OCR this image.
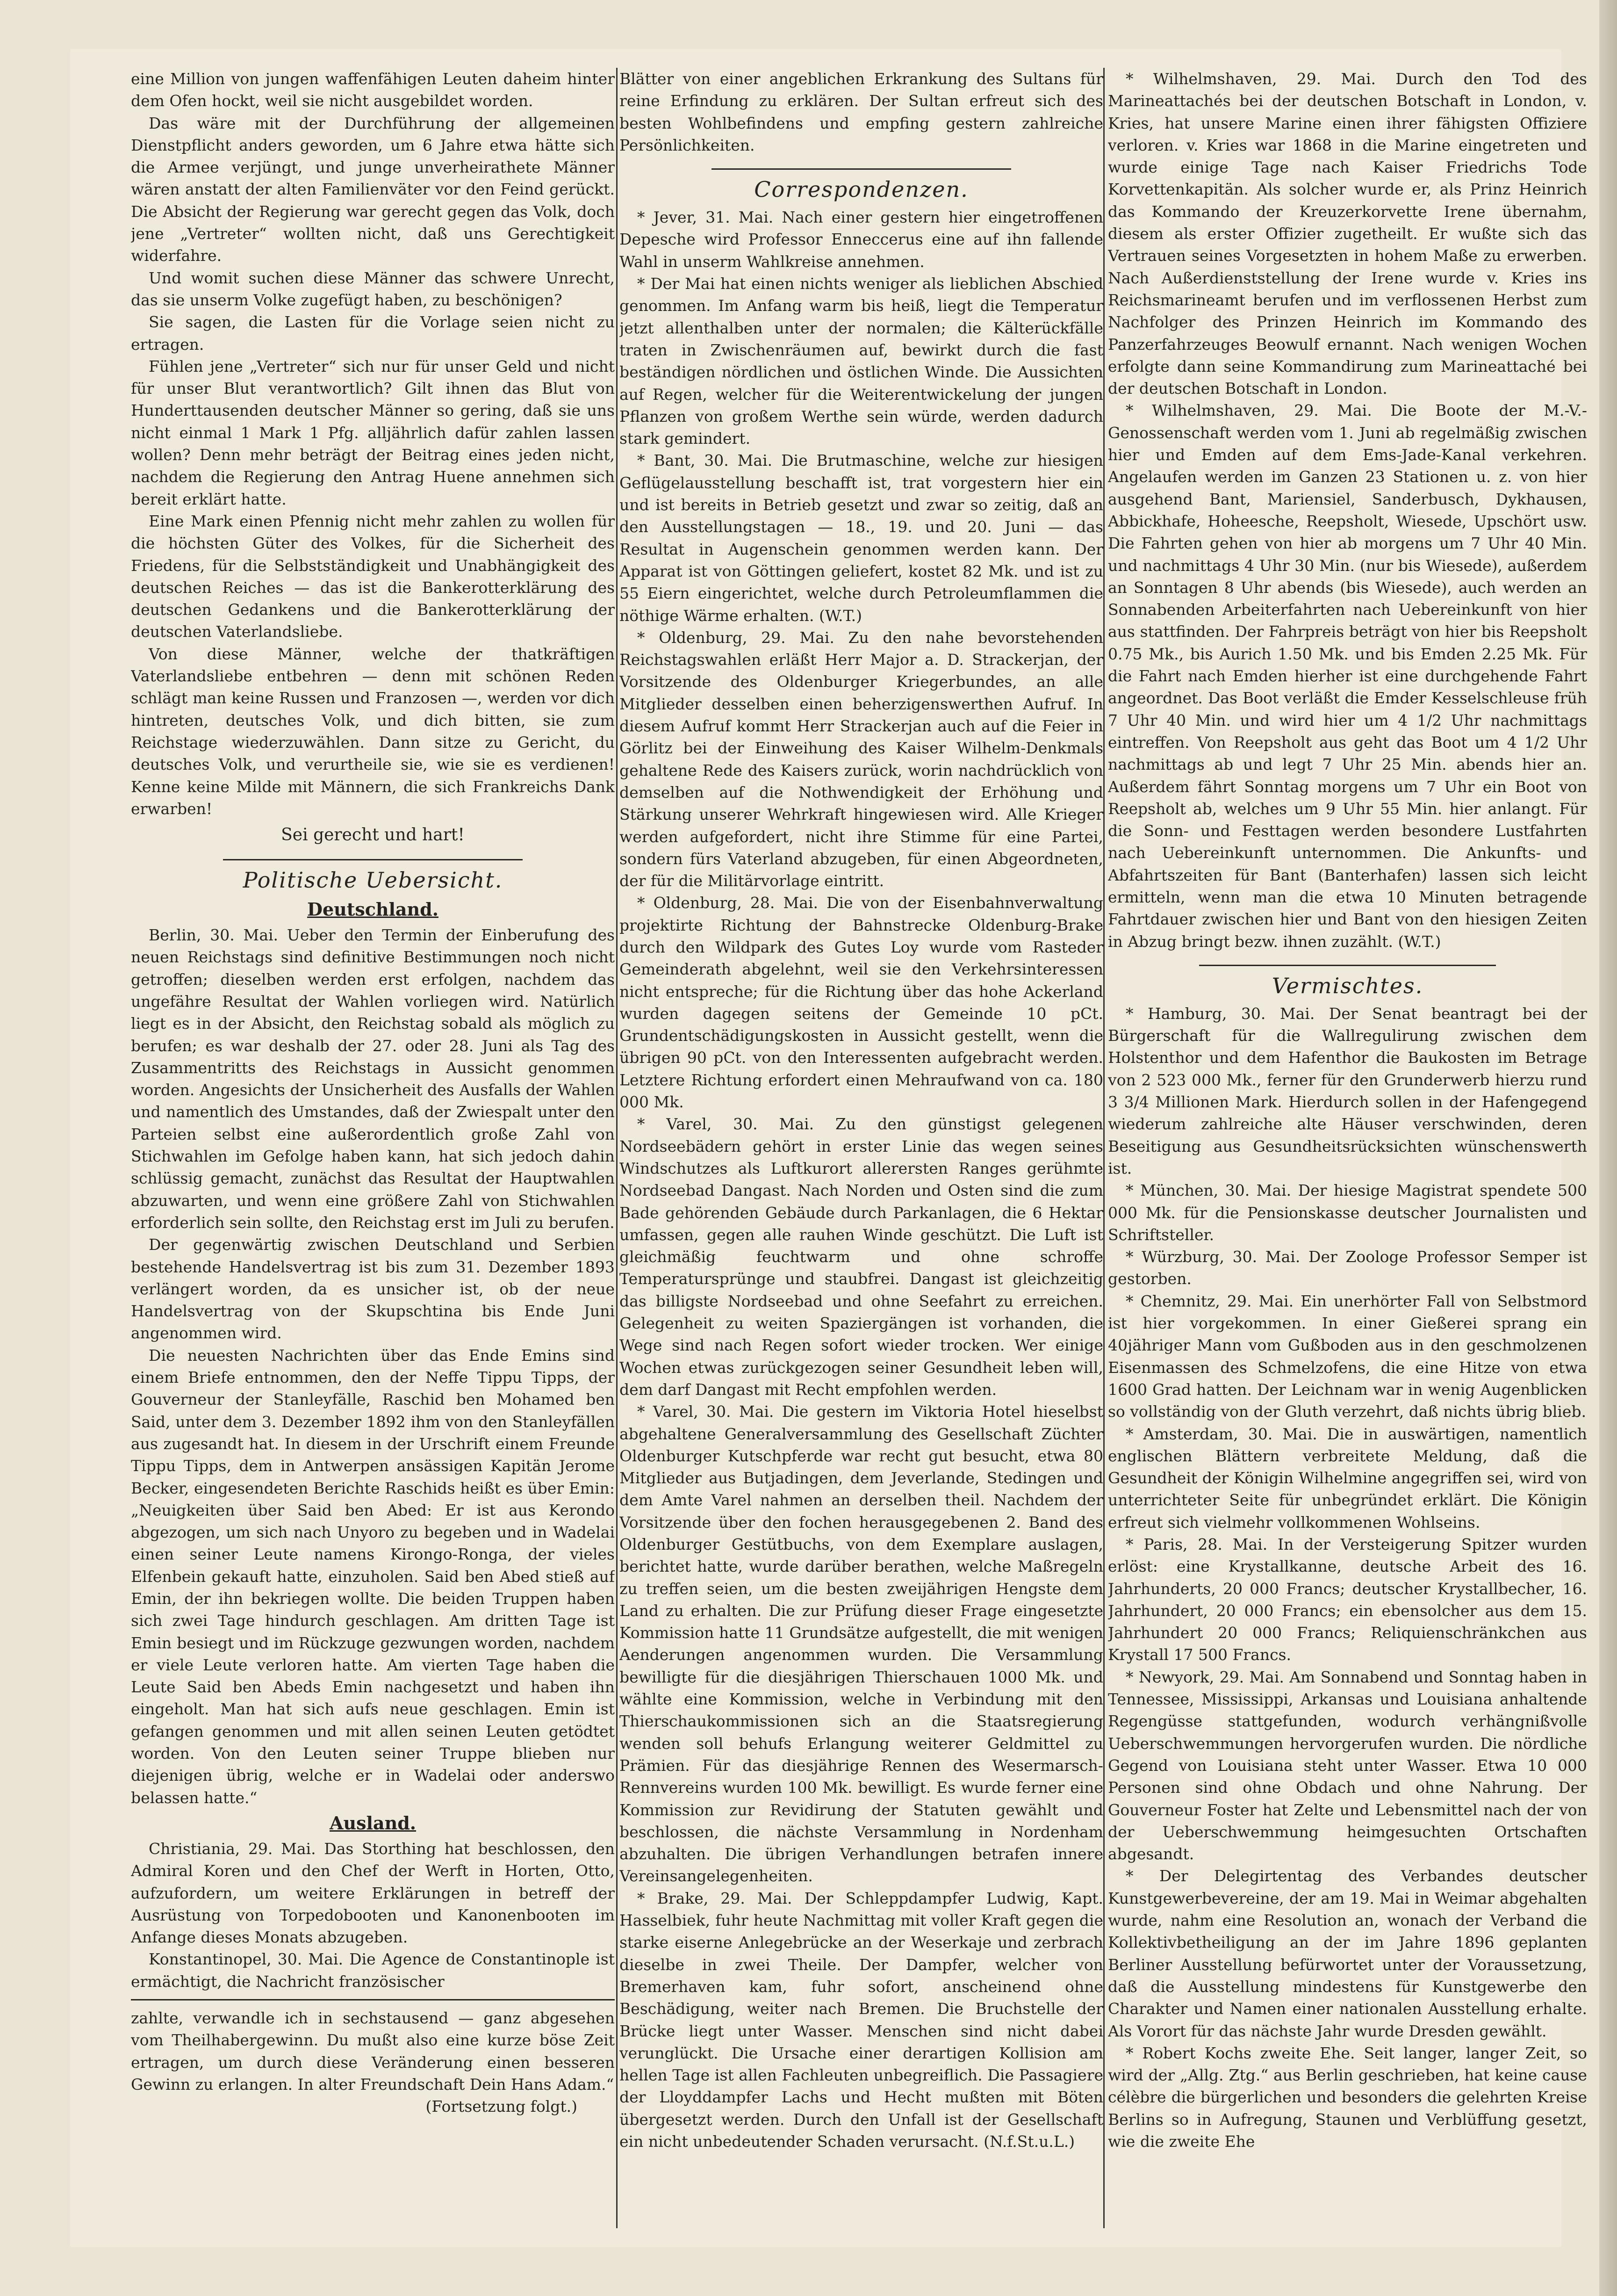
eine Million von jungen waffenfähigen Leuten daheim hinter dem Ofen hockt, weil sie nicht ausgebildet worden.

Das wäre mit der Durchführung der allgemeinen Dienstpflicht anders geworden, um 6 Jahre etwa hätte sich die Armee verjüngt, und junge unverheirathete Männer wären anstatt der alten Familienväter vor den Feind gerückt. Die Absicht der Regierung war gerecht gegen das Volk, doch jene „Vertreter“ wollten nicht, daß uns Gerechtigkeit widerfahre.

Und womit suchen diese Männer das schwere Unrecht, das sie unserm Volke zugefügt haben, zu beschönigen?

Sie sagen, die Lasten für die Vorlage seien nicht zu ertragen.

Fühlen jene „Vertreter“ sich nur für unser Geld und nicht für unser Blut verantwortlich? Gilt ihnen das Blut von Hunderttausenden deutscher Männer so gering, daß sie uns nicht einmal 1 Mark 1 Pfg. alljährlich dafür zahlen lassen wollen? Denn mehr beträgt der Beitrag eines jeden nicht, nachdem die Regierung den Antrag Huene annehmen sich bereit erklärt hatte.

Eine Mark einen Pfennig nicht mehr zahlen zu wollen für die höchsten Güter des Volkes, für die Sicherheit des Friedens, für die Selbstständigkeit und Unabhängigkeit des deutschen Reiches — das ist die Bankerotterklärung des deutschen Gedankens und die Bankerotterklärung der deutschen Vaterlandsliebe.

Von diese Männer, welche der thatkräftigen Vaterlandsliebe entbehren — denn mit schönen Reden schlägt man keine Russen und Franzosen —, werden vor dich hintreten, deutsches Volk, und dich bitten, sie zum Reichstage wiederzuwählen. Dann sitze zu Gericht, du deutsches Volk, und verurtheile sie, wie sie es verdienen! Kenne keine Milde mit Männern, die sich Frankreichs Dank erwarben!

Sei gerecht und hart!

Politische Uebersicht.
Deutschland.

Berlin, 30. Mai. Ueber den Termin der Einberufung des neuen Reichstags sind definitive Bestimmungen noch nicht getroffen; dieselben werden erst erfolgen, nachdem das ungefähre Resultat der Wahlen vorliegen wird. Natürlich liegt es in der Absicht, den Reichstag sobald als möglich zu berufen; es war deshalb der 27. oder 28. Juni als Tag des Zusammentritts des Reichstags in Aussicht genommen worden. Angesichts der Unsicherheit des Ausfalls der Wahlen und namentlich des Umstandes, daß der Zwiespalt unter den Parteien selbst eine außerordentlich große Zahl von Stichwahlen im Gefolge haben kann, hat sich jedoch dahin schlüssig gemacht, zunächst das Resultat der Hauptwahlen abzuwarten, und wenn eine größere Zahl von Stichwahlen erforderlich sein sollte, den Reichstag erst im Juli zu berufen.

Der gegenwärtig zwischen Deutschland und Serbien bestehende Handelsvertrag ist bis zum 31. Dezember 1893 verlängert worden, da es unsicher ist, ob der neue Handelsvertrag von der Skupschtina bis Ende Juni angenommen wird.

Die neuesten Nachrichten über das Ende Emins sind einem Briefe entnommen, den der Neffe Tippu Tipps, der Gouverneur der Stanleyfälle, Raschid ben Mohamed ben Said, unter dem 3. Dezember 1892 ihm von den Stanleyfällen aus zugesandt hat. In diesem in der Urschrift einem Freunde Tippu Tipps, dem in Antwerpen ansässigen Kapitän Jerome Becker, eingesendeten Berichte Raschids heißt es über Emin: „Neuigkeiten über Said ben Abed: Er ist aus Kerondo abgezogen, um sich nach Unyoro zu begeben und in Wadelai einen seiner Leute namens Kirongo-Ronga, der vieles Elfenbein gekauft hatte, einzuholen. Said ben Abed stieß auf Emin, der ihn bekriegen wollte. Die beiden Truppen haben sich zwei Tage hindurch geschlagen. Am dritten Tage ist Emin besiegt und im Rückzuge gezwungen worden, nachdem er viele Leute verloren hatte. Am vierten Tage haben die Leute Said ben Abeds Emin nachgesetzt und haben ihn eingeholt. Man hat sich aufs neue geschlagen. Emin ist gefangen genommen und mit allen seinen Leuten getödtet worden. Von den Leuten seiner Truppe blieben nur diejenigen übrig, welche er in Wadelai oder anderswo belassen hatte.“

Ausland.

Christiania, 29. Mai. Das Storthing hat beschlossen, den Admiral Koren und den Chef der Werft in Horten, Otto, aufzufordern, um weitere Erklärungen in betreff der Ausrüstung von Torpedobooten und Kanonenbooten im Anfange dieses Monats abzugeben.

Konstantinopel, 30. Mai. Die Agence de Constantinople ist ermächtigt, die Nachricht französischer

zahlte, verwandle ich in sechstausend — ganz abgesehen vom Theilhabergewinn. Du mußt also eine kurze böse Zeit ertragen, um durch diese Veränderung einen besseren Gewinn zu erlangen. In alter Freundschaft Dein Hans Adam.“

(Fortsetzung folgt.)

Blätter von einer angeblichen Erkrankung des Sultans für reine Erfindung zu erklären. Der Sultan erfreut sich des besten Wohlbefindens und empfing gestern zahlreiche Persönlichkeiten.

Correspondenzen.

* Jever, 31. Mai. Nach einer gestern hier eingetroffenen Depesche wird Professor Enneccerus eine auf ihn fallende Wahl in unserm Wahlkreise annehmen.

* Der Mai hat einen nichts weniger als lieblichen Abschied genommen. Im Anfang warm bis heiß, liegt die Temperatur jetzt allenthalben unter der normalen; die Kälterückfälle traten in Zwischenräumen auf, bewirkt durch die fast beständigen nördlichen und östlichen Winde. Die Aussichten auf Regen, welcher für die Weiterentwickelung der jungen Pflanzen von großem Werthe sein würde, werden dadurch stark gemindert.

* Bant, 30. Mai. Die Brutmaschine, welche zur hiesigen Geflügelausstellung beschafft ist, trat vorgestern hier ein und ist bereits in Betrieb gesetzt und zwar so zeitig, daß an den Ausstellungstagen — 18., 19. und 20. Juni — das Resultat in Augenschein genommen werden kann. Der Apparat ist von Göttingen geliefert, kostet 82 Mk. und ist zu 55 Eiern eingerichtet, welche durch Petroleumflammen die nöthige Wärme erhalten. (W.T.)

* Oldenburg, 29. Mai. Zu den nahe bevorstehenden Reichstagswahlen erläßt Herr Major a. D. Strackerjan, der Vorsitzende des Oldenburger Kriegerbundes, an alle Mitglieder desselben einen beherzigenswerthen Aufruf. In diesem Aufruf kommt Herr Strackerjan auch auf die Feier in Görlitz bei der Einweihung des Kaiser Wilhelm-Denkmals gehaltene Rede des Kaisers zurück, worin nachdrücklich von demselben auf die Nothwendigkeit der Erhöhung und Stärkung unserer Wehrkraft hingewiesen wird. Alle Krieger werden aufgefordert, nicht ihre Stimme für eine Partei, sondern fürs Vaterland abzugeben, für einen Abgeordneten, der für die Militärvorlage eintritt.

* Oldenburg, 28. Mai. Die von der Eisenbahnverwaltung projektirte Richtung der Bahnstrecke Oldenburg-Brake durch den Wildpark des Gutes Loy wurde vom Rasteder Gemeinderath abgelehnt, weil sie den Verkehrsinteressen nicht entspreche; für die Richtung über das hohe Ackerland wurden dagegen seitens der Gemeinde 10 pCt. Grundentschädigungskosten in Aussicht gestellt, wenn die übrigen 90 pCt. von den Interessenten aufgebracht werden. Letztere Richtung erfordert einen Mehraufwand von ca. 180 000 Mk.

* Varel, 30. Mai. Zu den günstigst gelegenen Nordseebädern gehört in erster Linie das wegen seines Windschutzes als Luftkurort allerersten Ranges gerühmte Nordseebad Dangast. Nach Norden und Osten sind die zum Bade gehörenden Gebäude durch Parkanlagen, die 6 Hektar umfassen, gegen alle rauhen Winde geschützt. Die Luft ist gleichmäßig feuchtwarm und ohne schroffe Temperatursprünge und staubfrei. Dangast ist gleichzeitig das billigste Nordseebad und ohne Seefahrt zu erreichen. Gelegenheit zu weiten Spaziergängen ist vorhanden, die Wege sind nach Regen sofort wieder trocken. Wer einige Wochen etwas zurückgezogen seiner Gesundheit leben will, dem darf Dangast mit Recht empfohlen werden.

* Varel, 30. Mai. Die gestern im Viktoria Hotel hieselbst abgehaltene Generalversammlung des Gesellschaft Züchter Oldenburger Kutschpferde war recht gut besucht, etwa 80 Mitglieder aus Butjadingen, dem Jeverlande, Stedingen und dem Amte Varel nahmen an derselben theil. Nachdem der Vorsitzende über den fochen herausgegebenen 2. Band des Oldenburger Gestütbuchs, von dem Exemplare auslagen, berichtet hatte, wurde darüber berathen, welche Maßregeln zu treffen seien, um die besten zweijährigen Hengste dem Land zu erhalten. Die zur Prüfung dieser Frage eingesetzte Kommission hatte 11 Grundsätze aufgestellt, die mit wenigen Aenderungen angenommen wurden. Die Versammlung bewilligte für die diesjährigen Thierschauen 1000 Mk. und wählte eine Kommission, welche in Verbindung mit den Thierschaukommissionen sich an die Staatsregierung wenden soll behufs Erlangung weiterer Geldmittel zu Prämien. Für das diesjährige Rennen des Wesermarsch-Rennvereins wurden 100 Mk. bewilligt. Es wurde ferner eine Kommission zur Revidirung der Statuten gewählt und beschlossen, die nächste Versammlung in Nordenham abzuhalten. Die übrigen Verhandlungen betrafen innere Vereinsangelegenheiten.

* Brake, 29. Mai. Der Schleppdampfer Ludwig, Kapt. Hasselbiek, fuhr heute Nachmittag mit voller Kraft gegen die starke eiserne Anlegebrücke an der Weserkaje und zerbrach dieselbe in zwei Theile. Der Dampfer, welcher von Bremerhaven kam, fuhr sofort, anscheinend ohne Beschädigung, weiter nach Bremen. Die Bruchstelle der Brücke liegt unter Wasser. Menschen sind nicht dabei verunglückt. Die Ursache einer derartigen Kollision am hellen Tage ist allen Fachleuten unbegreiflich. Die Passagiere der Lloyddampfer Lachs und Hecht mußten mit Böten übergesetzt werden. Durch den Unfall ist der Gesellschaft ein nicht unbedeutender Schaden verursacht. (N.f.St.u.L.)

* Wilhelmshaven, 29. Mai. Durch den Tod des Marineattachés bei der deutschen Botschaft in London, v. Kries, hat unsere Marine einen ihrer fähigsten Offiziere verloren. v. Kries war 1868 in die Marine eingetreten und wurde einige Tage nach Kaiser Friedrichs Tode Korvettenkapitän. Als solcher wurde er, als Prinz Heinrich das Kommando der Kreuzerkorvette Irene übernahm, diesem als erster Offizier zugetheilt. Er wußte sich das Vertrauen seines Vorgesetzten in hohem Maße zu erwerben. Nach Außerdienststellung der Irene wurde v. Kries ins Reichsmarineamt berufen und im verflossenen Herbst zum Nachfolger des Prinzen Heinrich im Kommando des Panzerfahrzeuges Beowulf ernannt. Nach wenigen Wochen erfolgte dann seine Kommandirung zum Marineattaché bei der deutschen Botschaft in London.

* Wilhelmshaven, 29. Mai. Die Boote der M.-V.-Genossenschaft werden vom 1. Juni ab regelmäßig zwischen hier und Emden auf dem Ems-Jade-Kanal verkehren. Angelaufen werden im Ganzen 23 Stationen u. z. von hier ausgehend Bant, Mariensiel, Sanderbusch, Dykhausen, Abbickhafe, Hoheesche, Reepsholt, Wiesede, Upschört usw. Die Fahrten gehen von hier ab morgens um 7 Uhr 40 Min. und nachmittags 4 Uhr 30 Min. (nur bis Wiesede), außerdem an Sonntagen 8 Uhr abends (bis Wiesede), auch werden an Sonnabenden Arbeiterfahrten nach Uebereinkunft von hier aus stattfinden. Der Fahrpreis beträgt von hier bis Reepsholt 0.75 Mk., bis Aurich 1.50 Mk. und bis Emden 2.25 Mk. Für die Fahrt nach Emden hierher ist eine durchgehende Fahrt angeordnet. Das Boot verläßt die Emder Kesselschleuse früh 7 Uhr 40 Min. und wird hier um 4 1/2 Uhr nachmittags eintreffen. Von Reepsholt aus geht das Boot um 4 1/2 Uhr nachmittags ab und legt 7 Uhr 25 Min. abends hier an. Außerdem fährt Sonntag morgens um 7 Uhr ein Boot von Reepsholt ab, welches um 9 Uhr 55 Min. hier anlangt. Für die Sonn- und Festtagen werden besondere Lustfahrten nach Uebereinkunft unternommen. Die Ankunfts- und Abfahrtszeiten für Bant (Banterhafen) lassen sich leicht ermitteln, wenn man die etwa 10 Minuten betragende Fahrtdauer zwischen hier und Bant von den hiesigen Zeiten in Abzug bringt bezw. ihnen zuzählt. (W.T.)

Vermischtes.

* Hamburg, 30. Mai. Der Senat beantragt bei der Bürgerschaft für die Wallregulirung zwischen dem Holstenthor und dem Hafenthor die Baukosten im Betrage von 2 523 000 Mk., ferner für den Grunderwerb hierzu rund 3 3/4 Millionen Mark. Hierdurch sollen in der Hafengegend wiederum zahlreiche alte Häuser verschwinden, deren Beseitigung aus Gesundheitsrücksichten wünschenswerth ist.

* München, 30. Mai. Der hiesige Magistrat spendete 500 000 Mk. für die Pensionskasse deutscher Journalisten und Schriftsteller.

* Würzburg, 30. Mai. Der Zoologe Professor Semper ist gestorben.

* Chemnitz, 29. Mai. Ein unerhörter Fall von Selbstmord ist hier vorgekommen. In einer Gießerei sprang ein 40jähriger Mann vom Gußboden aus in den geschmolzenen Eisenmassen des Schmelzofens, die eine Hitze von etwa 1600 Grad hatten. Der Leichnam war in wenig Augenblicken so vollständig von der Gluth verzehrt, daß nichts übrig blieb.

* Amsterdam, 30. Mai. Die in auswärtigen, namentlich englischen Blättern verbreitete Meldung, daß die Gesundheit der Königin Wilhelmine angegriffen sei, wird von unterrichteter Seite für unbegründet erklärt. Die Königin erfreut sich vielmehr vollkommenen Wohlseins.

* Paris, 28. Mai. In der Versteigerung Spitzer wurden erlöst: eine Krystallkanne, deutsche Arbeit des 16. Jahrhunderts, 20 000 Francs; deutscher Krystallbecher, 16. Jahrhundert, 20 000 Francs; ein ebensolcher aus dem 15. Jahrhundert 20 000 Francs; Reliquienschränkchen aus Krystall 17 500 Francs.

* Newyork, 29. Mai. Am Sonnabend und Sonntag haben in Tennessee, Mississippi, Arkansas und Louisiana anhaltende Regengüsse stattgefunden, wodurch verhängnißvolle Ueberschwemmungen hervorgerufen wurden. Die nördliche Gegend von Louisiana steht unter Wasser. Etwa 10 000 Personen sind ohne Obdach und ohne Nahrung. Der Gouverneur Foster hat Zelte und Lebensmittel nach der von der Ueberschwemmung heimgesuchten Ortschaften abgesandt.

* Der Delegirtentag des Verbandes deutscher Kunstgewerbevereine, der am 19. Mai in Weimar abgehalten wurde, nahm eine Resolution an, wonach der Verband die Kollektivbetheiligung an der im Jahre 1896 geplanten Berliner Ausstellung befürwortet unter der Voraussetzung, daß die Ausstellung mindestens für Kunstgewerbe den Charakter und Namen einer nationalen Ausstellung erhalte. Als Vorort für das nächste Jahr wurde Dresden gewählt.

* Robert Kochs zweite Ehe. Seit langer, langer Zeit, so wird der „Allg. Ztg.“ aus Berlin geschrieben, hat keine cause célèbre die bürgerlichen und besonders die gelehrten Kreise Berlins so in Aufregung, Staunen und Verblüffung gesetzt, wie die zweite Ehe
